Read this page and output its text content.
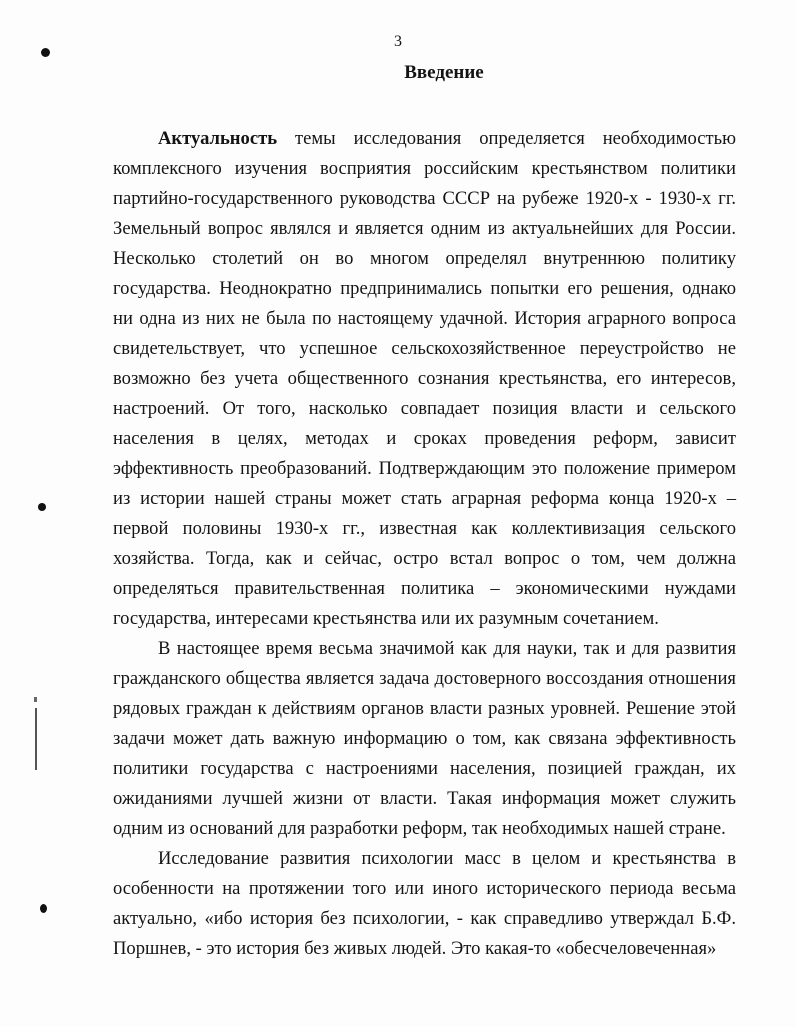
3
Введение

Актуальность темы исследования определяется необходимостью комплексного изучения восприятия российским крестьянством политики партийно-государственного руководства СССР на рубеже 1920-х - 1930-х гг. Земельный вопрос являлся и является одним из актуальнейших для России. Несколько столетий он во многом определял внутреннюю политику государства. Неоднократно предпринимались попытки его решения, однако ни одна из них не была по настоящему удачной. История аграрного вопроса свидетельствует, что успешное сельскохозяйственное переустройство не возможно без учета общественного сознания крестьянства, его интересов, настроений. От того, насколько совпадает позиция власти и сельского населения в целях, методах и сроках проведения реформ, зависит эффективность преобразований. Подтверждающим это положение примером из истории нашей страны может стать аграрная реформа конца 1920-х – первой половины 1930-х гг., известная как коллективизация сельского хозяйства. Тогда, как и сейчас, остро встал вопрос о том, чем должна определяться правительственная политика – экономическими нуждами государства, интересами крестьянства или их разумным сочетанием.

В настоящее время весьма значимой как для науки, так и для развития гражданского общества является задача достоверного воссоздания отношения рядовых граждан к действиям органов власти разных уровней. Решение этой задачи может дать важную информацию о том, как связана эффективность политики государства с настроениями населения, позицией граждан, их ожиданиями лучшей жизни от власти. Такая информация может служить одним из оснований для разработки реформ, так необходимых нашей стране.

Исследование развития психологии масс в целом и крестьянства в особенности на протяжении того или иного исторического периода весьма актуально, «ибо история без психологии, - как справедливо утверждал Б.Ф. Поршнев, - это история без живых людей. Это какая-то «обесчеловеченная»
